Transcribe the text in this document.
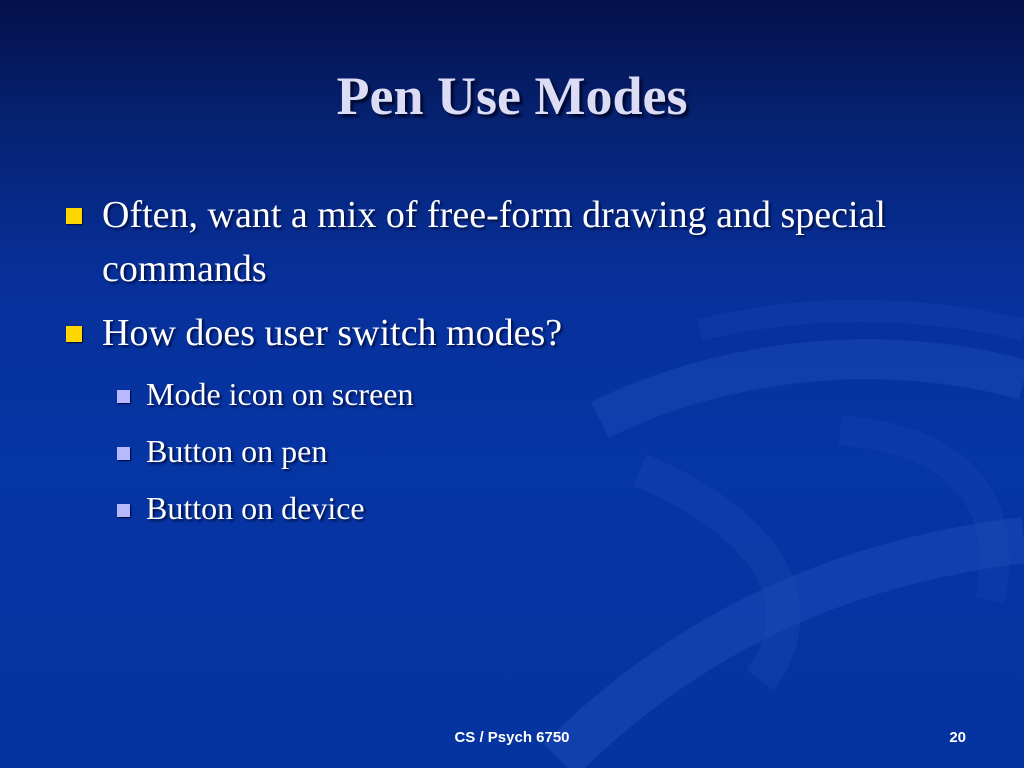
Pen Use Modes
Often, want a mix of free-form drawing and special commands
How does user switch modes?
Mode icon on screen
Button on pen
Button on device
CS / Psych 6750	20
